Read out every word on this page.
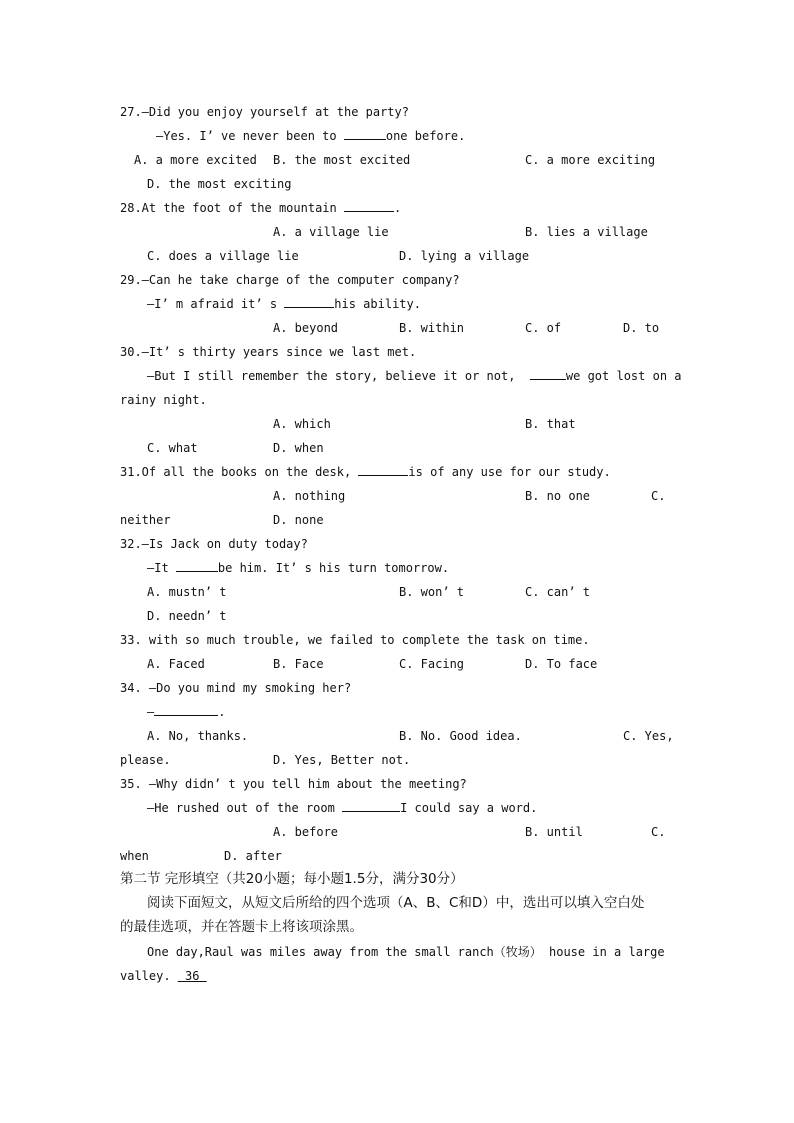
27.—Did you enjoy yourself at the party?
—Yes. I’ ve never been to	one before.
A. a more excited B. the most excited	C. a more exciting
D. the most exciting
28.At the foot of the mountain	.
A. a village lie	B. lies a village
C. does a village lie	D. lying a village
29.—Can he take charge of the computer company?
—I’ m afraid it’ s	his ability.
A. beyond	B. within	C. of	D. to
30.—It’ s thirty years since we last met.
—But I still remember the story, believe it or not,	we got lost on a
rainy night.
A. which	B. that
C. what	D. when
31.Of all the books on the desk,	is of any use for our study.
A. nothing	B. no one	C.
neither	D. none
32.—Is Jack on duty today?
—It	be him. It’ s his turn tomorrow.
A. mustn’ t	B. won’ t	C. can’ t
D. needn’ t
33. with so much trouble, we failed to complete the task on time.
A. Faced	B. Face	C. Facing	D. To face
34. —Do you mind my smoking her?
—	.
A. No, thanks.	B. No. Good idea.	C. Yes,
please.	D. Yes, Better not.
35. —Why didn’ t you tell him about the meeting?
—He rushed out of the room	I could say a word.
A. before	B. until	C.
when	D. after
第二节 完形填空（共20小题；每小题1.5分，满分30分）
阅读下面短文，从短文后所给的四个选项（A、B、C和D）中，选出可以填入空白处
的最佳选项，并在答题卡上将该项涂黑。
One day,Raul was miles away from the small ranch（牧场） house in a large
valley.  36
